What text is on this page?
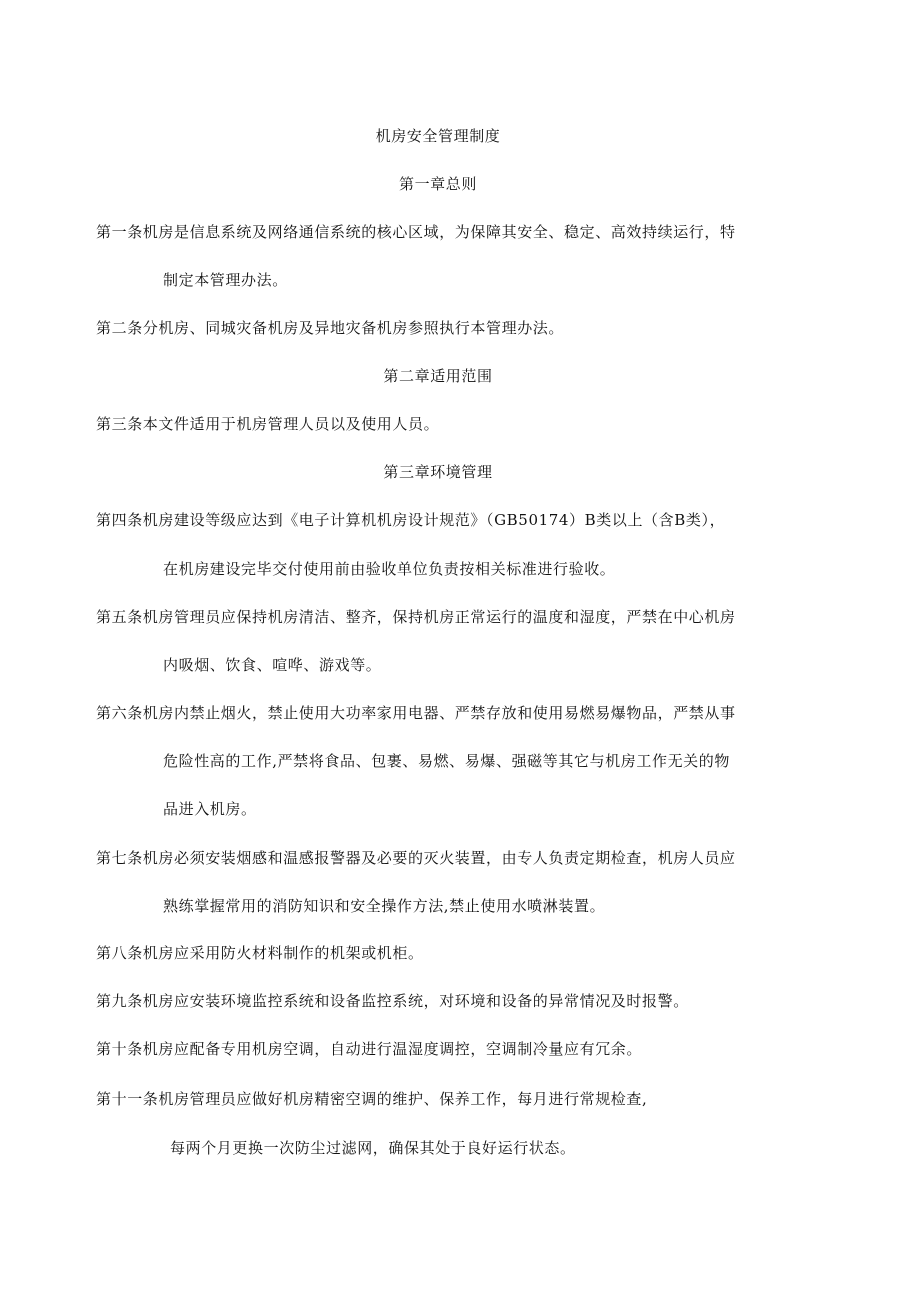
机房安全管理制度
第一章总则
第一条机房是信息系统及网络通信系统的核心区域，为保障其安全、稳定、高效持续运行，特
制定本管理办法。
第二条分机房、同城灾备机房及异地灾备机房参照执行本管理办法。
第二章适用范围
第三条本文件适用于机房管理人员以及使用人员。
第三章环境管理
第四条机房建设等级应达到《电子计算机机房设计规范》（GB50174）B类以上（含B类），
在机房建设完毕交付使用前由验收单位负责按相关标准进行验收。
第五条机房管理员应保持机房清洁、整齐，保持机房正常运行的温度和湿度，严禁在中心机房
内吸烟、饮食、喧哗、游戏等。
第六条机房内禁止烟火，禁止使用大功率家用电器、严禁存放和使用易燃易爆物品，严禁从事
危险性高的工作,严禁将食品、包裹、易燃、易爆、强磁等其它与机房工作无关的物
品进入机房。
第七条机房必须安装烟感和温感报警器及必要的灭火装置，由专人负责定期检查，机房人员应
熟练掌握常用的消防知识和安全操作方法,禁止使用水喷淋装置。
第八条机房应采用防火材料制作的机架或机柜。
第九条机房应安装环境监控系统和设备监控系统，对环境和设备的异常情况及时报警。
第十条机房应配备专用机房空调，自动进行温湿度调控，空调制冷量应有冗余。
第十一条机房管理员应做好机房精密空调的维护、保养工作，每月进行常规检查,
每两个月更换一次防尘过滤网，确保其处于良好运行状态。
